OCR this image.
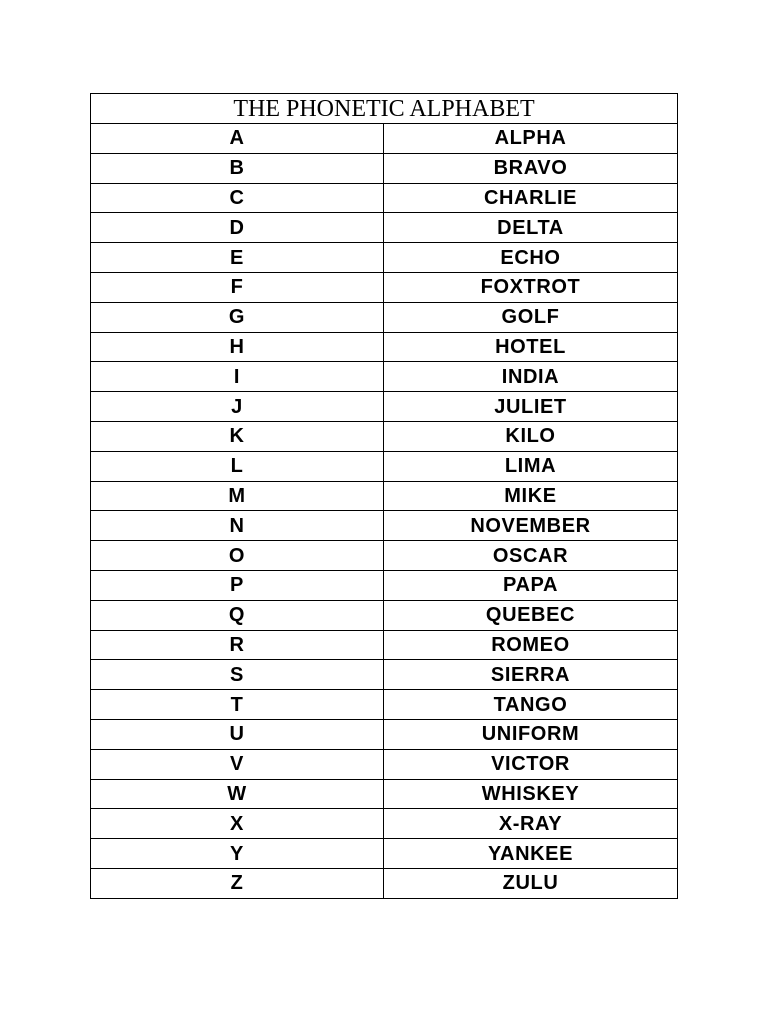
THE PHONETIC ALPHABET	
A	ALPHA
B	BRAVO
C	CHARLIE
D	DELTA
E	ECHO
F	FOXTROT
G	GOLF
H	HOTEL
I	INDIA
J	JULIET
K	KILO
L	LIMA
M	MIKE
N	NOVEMBER
O	OSCAR
P	PAPA
Q	QUEBEC
R	ROMEO
S	SIERRA
T	TANGO
U	UNIFORM
V	VICTOR
W	WHISKEY
X	X-RAY
Y	YANKEE
Z	ZULU
